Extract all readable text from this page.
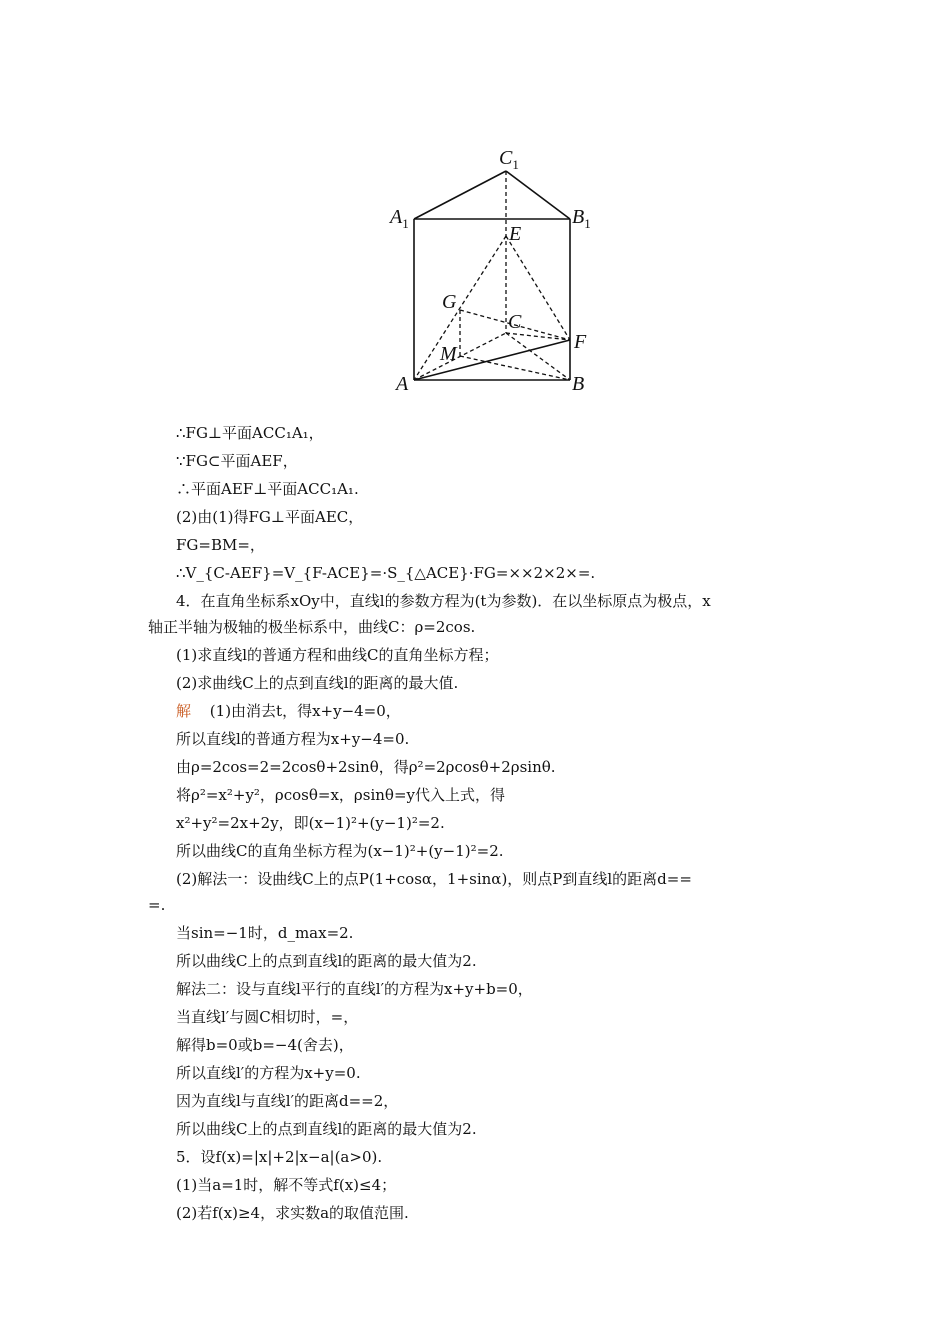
$C_1$
$A_1$	$B_1$
E
G
C
F
M
A	B
∴FG⊥平面ACC₁A₁，
∵FG⊂平面AEF，
∴平面AEF⊥平面ACC₁A₁.
(2)由(1)得FG⊥平面AEC，
FG=BM=，
∴V_{C-AEF}=V_{F-ACE}=·S_{△ACE}·FG=××2×2×=.
4．在直角坐标系xOy中，直线l的参数方程为(t为参数)．在以坐标原点为极点，x
轴正半轴为极轴的极坐标系中，曲线C：ρ=2cos.
(1)求直线l的普通方程和曲线C的直角坐标方程；
(2)求曲线C上的点到直线l的距离的最大值.
解 (1)由消去t，得x+y−4=0，
所以直线l的普通方程为x+y−4=0.
由ρ=2cos=2=2cosθ+2sinθ，得ρ²=2ρcosθ+2ρsinθ.
将ρ²=x²+y²，ρcosθ=x，ρsinθ=y代入上式，得
x²+y²=2x+2y，即(x−1)²+(y−1)²=2.
所以曲线C的直角坐标方程为(x−1)²+(y−1)²=2.
(2)解法一：设曲线C上的点P(1+cosα，1+sinα)，则点P到直线l的距离d==
=.
当sin=−1时，d_max=2.
所以曲线C上的点到直线l的距离的最大值为2.
解法二：设与直线l平行的直线l′的方程为x+y+b=0，
当直线l′与圆C相切时，=，
解得b=0或b=−4(舍去)，
所以直线l′的方程为x+y=0.
因为直线l与直线l′的距离d==2，
所以曲线C上的点到直线l的距离的最大值为2.
5．设f(x)=|x|+2|x−a|(a>0).
(1)当a=1时，解不等式f(x)≤4；
(2)若f(x)≥4，求实数a的取值范围.
